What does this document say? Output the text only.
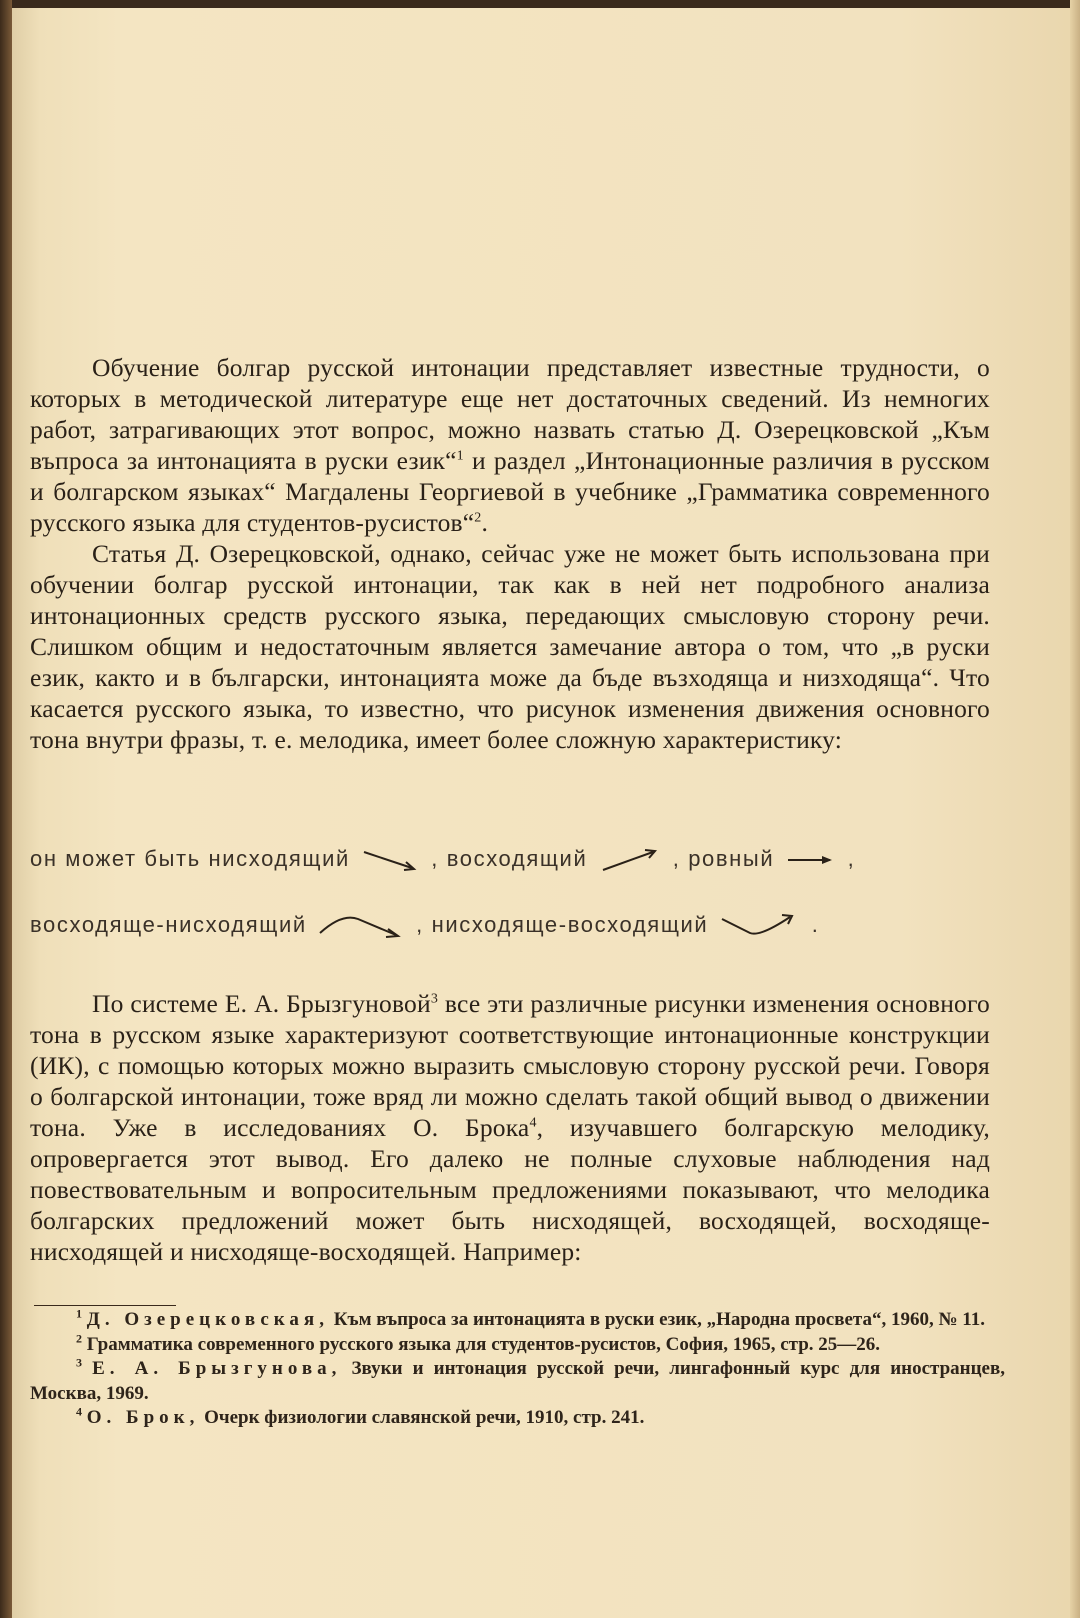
Обучение болгар русской интонации представляет известные трудности, о которых в методической литературе еще нет достаточных сведений. Из немногих работ, затрагивающих этот вопрос, можно назвать статью Д. Озерецковской „Към въпроса за интонацията в руски език“$^1$ и раздел „Интонационные различия в русском и болгарском языках“ Магдалены Георгиевой в учебнике „Грамматика современного русского языка для студентов-русистов“$^2$.

Статья Д. Озерецковской, однако, сейчас уже не может быть использована при обучении болгар русской интонации, так как в ней нет подробного анализа интонационных средств русского языка, передающих смысловую сторону речи. Слишком общим и недостаточным является замечание автора о том, что „в руски език, както и в български, интонацията може да бъде възходяща и низходяща“. Что касается русского языка, то известно, что рисунок изменения движения основного тона внутри фразы, т. е. мелодика, имеет более сложную характеристику:

он может быть нисходящий	, восходящий	, ровный	,
восходяще-нисходящий	, нисходяще-восходящий	.

По системе Е. А. Брызгуновой$^3$ все эти различные рисунки изменения основного тона в русском языке характеризуют соответствующие интонационные конструкции (ИК), с помощью которых можно выразить смысловую сторону русской речи. Говоря о болгарской интонации, тоже вряд ли можно сделать такой общий вывод о движении тона. Уже в исследованиях О. Брока$^4$, изучавшего болгарскую мелодику, опровергается этот вывод. Его далеко не полные слуховые наблюдения над повествовательным и вопросительным предложениями показывают, что мелодика болгарских предложений может быть нисходящей, восходящей, восходяще-нисходящей и нисходяще-восходящей. Например:

$^1$ Д. Озерецковская, Към въпроса за интонацията в руски език, „Народна просвета“, 1960, № 11.

$^2$ Грамматика современного русского языка для студентов-русистов, София, 1965, стр. 25—26.

$^3$ Е. А. Брызгунова, Звуки и интонация русской речи, лингафонный курс для иностранцев, Москва, 1969.

$^4$ О. Брок, Очерк физиологии славянской речи, 1910, стр. 241.
